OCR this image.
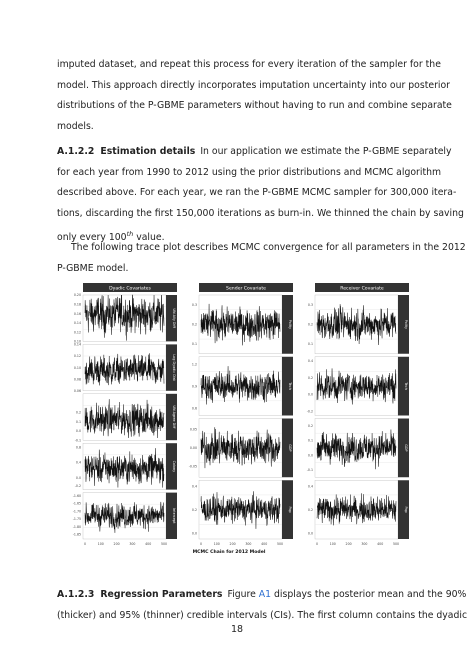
imputed dataset, and repeat this process for every iteration of the sampler for the
model. This approach directly incorporates imputation uncertainty into our posterior
distributions of the P-GBME parameters without having to run and combine separate
models.

A.1.2.2 Estimation details In our application we estimate the P-GBME separately
for each year from 1990 to 2012 using the prior distributions and MCMC algorithm
described above. For each year, we ran the P-GBME MCMC sampler for 300,000 itera-
tions, discarding the first 150,000 iterations as burn-in. We thinned the chain by saving
only every 100th value.

The following trace plot describes MCMC convergence for all parameters in the 2012
P-GBME model.

Dyadic Covariates
UN Ally Diff
0.20
0.18
0.16
0.14
0.12
0.10
Log Dyadic Dist
0.14
0.12
0.10
0.08
0.06
UN Agree Diff
0.2
0.1
0.0
-0.1
Colony
0.8
0.4
0.0
-0.2
Intercept
-1.60
-1.65
-1.70
-1.75
-1.80
-1.85
0	100	200	300	400	500
Sender Covariate
Polity
0.3
0.2
0.1
Tech
1.2
0.9
0.6
GDP
0.05
0.00
-0.05
Pop
0.4
0.2
0.0
0	100	200	300	400	500
Receiver Covariate
Polity
0.3
0.2
0.1
Tech
0.4
0.2
0.0
-0.2
GDP
0.2
0.1
0.0
-0.1
Pop
0.4
0.2
0.0
0	100	200	300	400	500
MCMC Chain for 2012 Model

A.1.2.3 Regression Parameters Figure A1 displays the posterior mean and the 90%
(thicker) and 95% (thinner) credible intervals (CIs). The first column contains the dyadic

18
